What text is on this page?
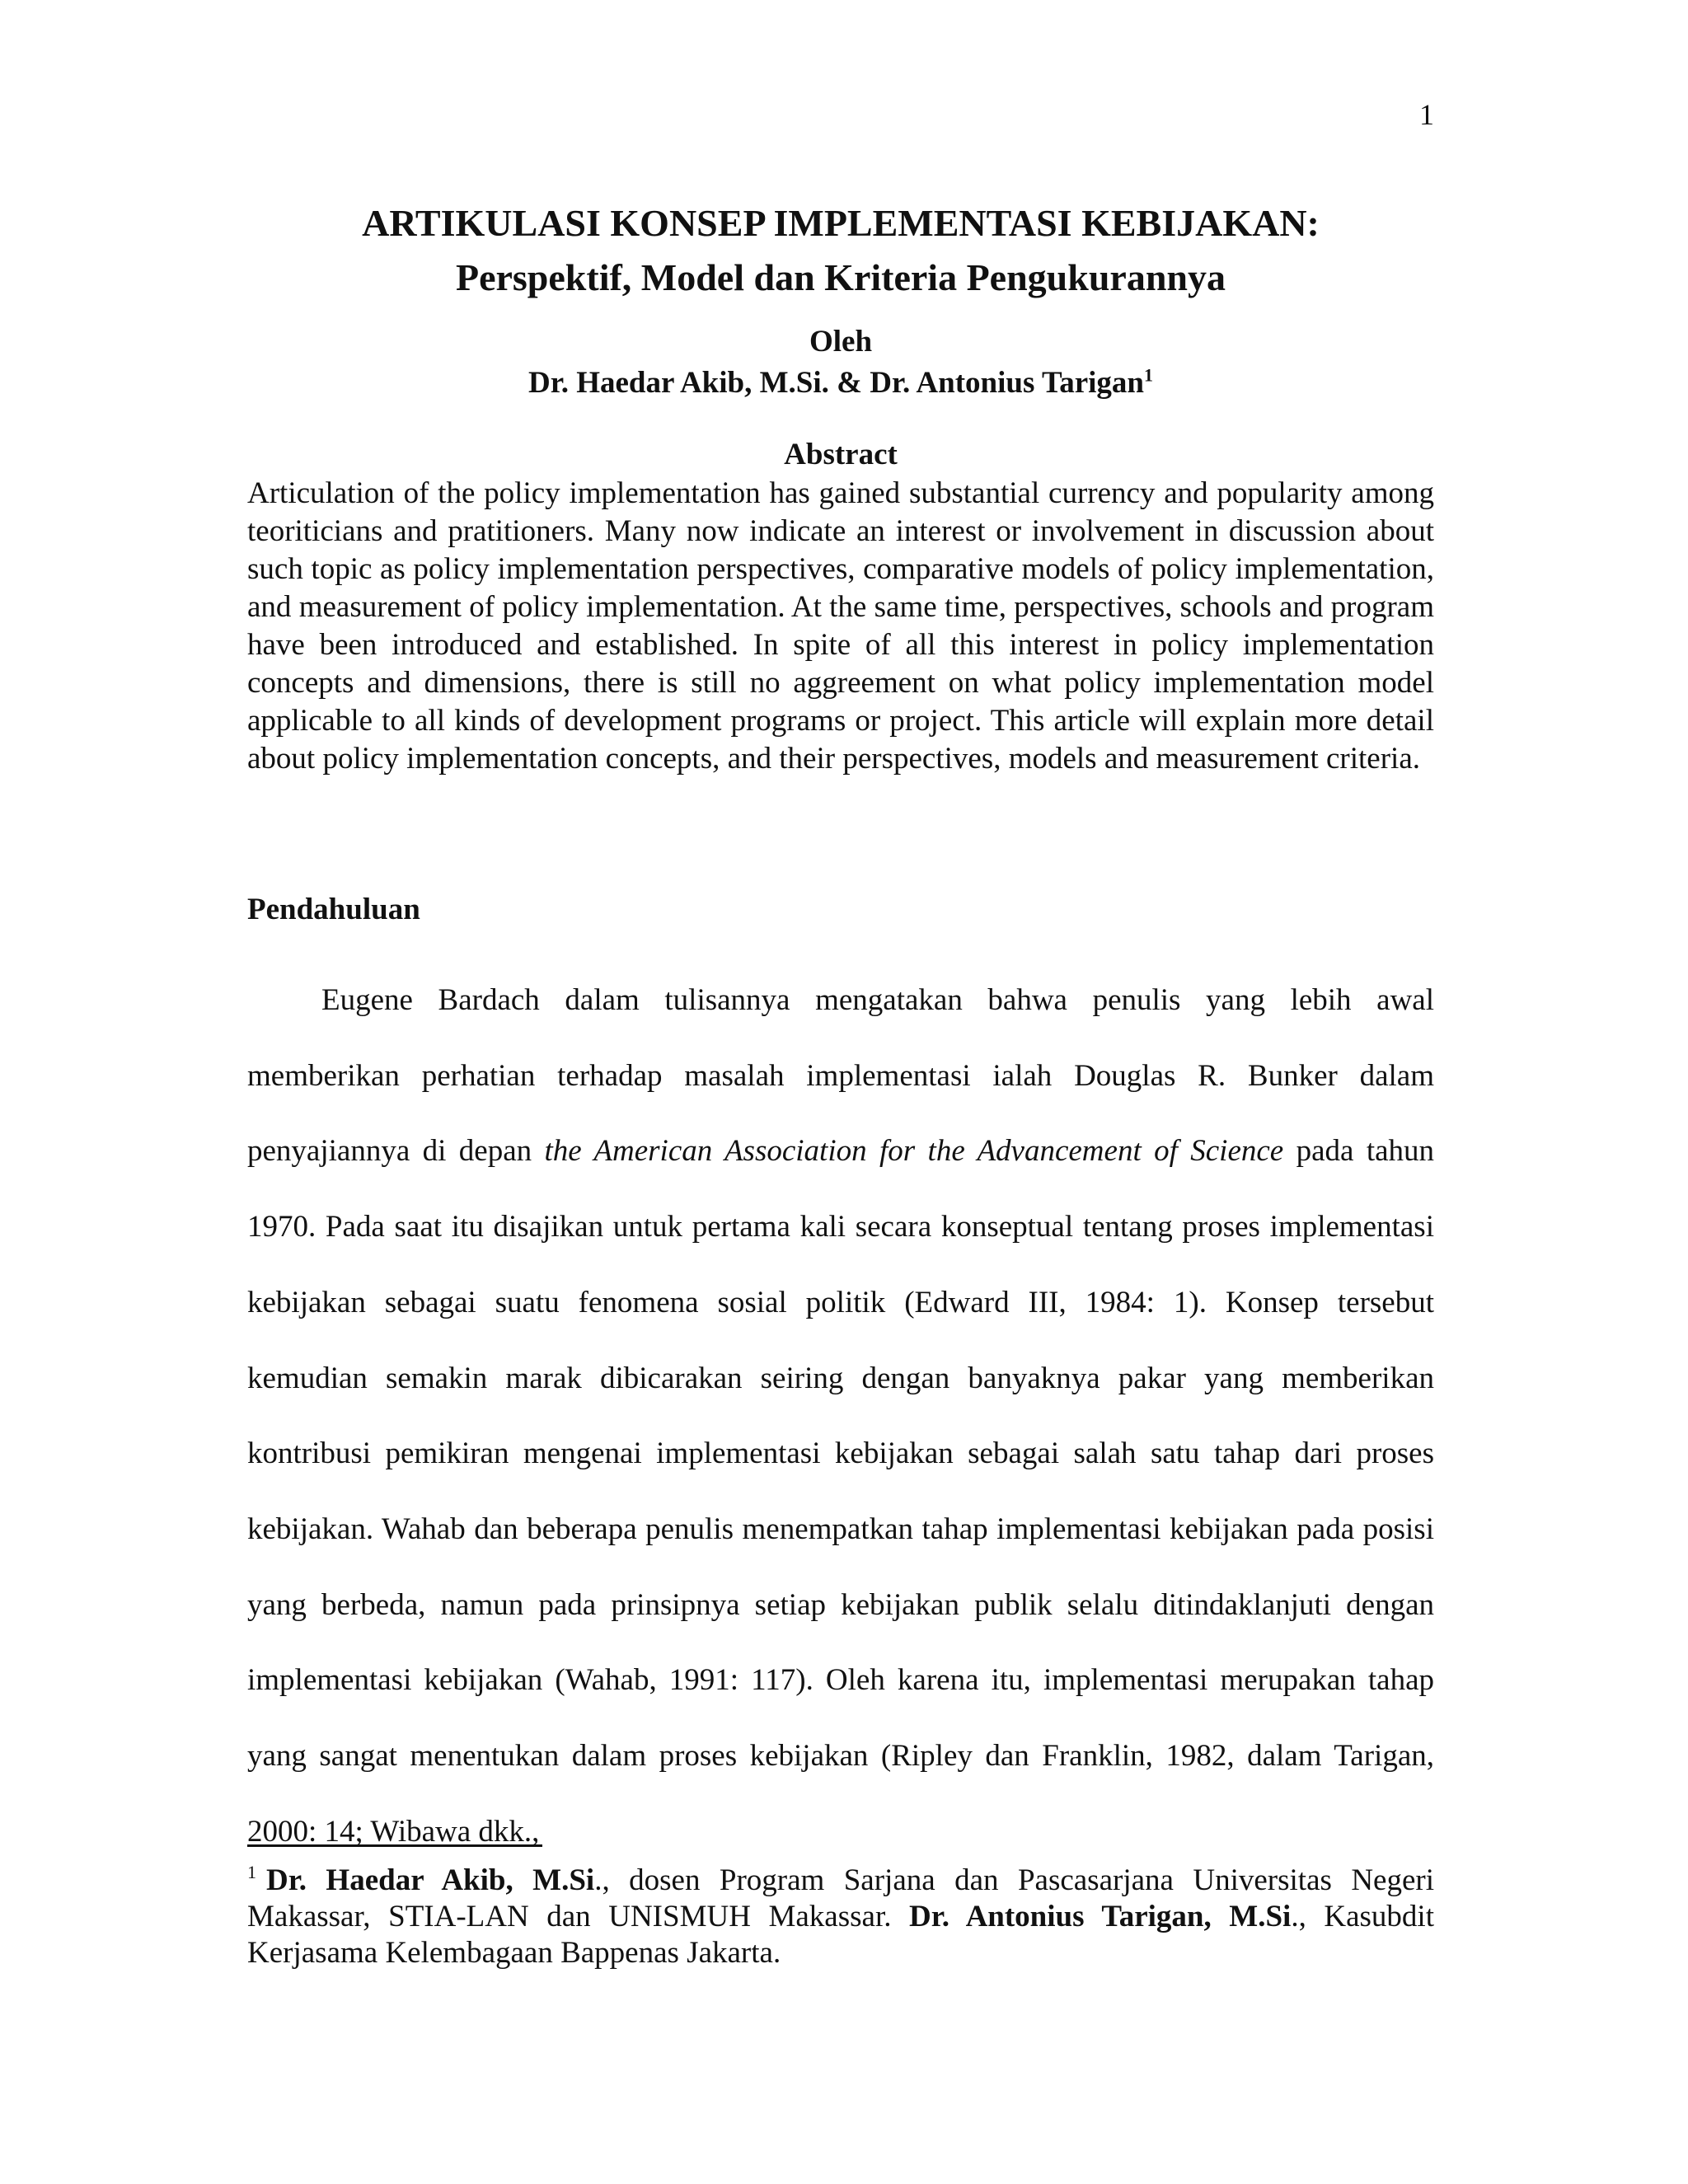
1
ARTIKULASI KONSEP IMPLEMENTASI KEBIJAKAN:
Perspektif, Model dan Kriteria Pengukurannya
Oleh
Dr. Haedar Akib, M.Si. & Dr. Antonius Tarigan$^1$
Abstract
Articulation of the policy implementation has gained substantial currency and popularity among teoriticians and pratitioners. Many now indicate an interest or involvement in discussion about such topic as policy implementation perspectives, comparative models of policy implementation, and measurement of policy implementation. At the same time, perspectives, schools and program have been introduced and established. In spite of all this interest in policy implementation concepts and dimensions, there is still no aggreement on what policy implementation model applicable to all kinds of development programs or project. This article will explain more detail about policy implementation concepts, and their perspectives, models and measurement criteria.
Pendahuluan

Eugene Bardach dalam tulisannya mengatakan bahwa penulis yang lebih awal memberikan perhatian terhadap masalah implementasi ialah Douglas R. Bunker dalam penyajiannya di depan the American Association for the Advancement of Science pada tahun 1970. Pada saat itu disajikan untuk pertama kali secara konseptual tentang proses implementasi kebijakan sebagai suatu fenomena sosial politik (Edward III, 1984: 1). Konsep tersebut kemudian semakin marak dibicarakan seiring dengan banyaknya pakar yang memberikan kontribusi pemikiran mengenai implementasi kebijakan sebagai salah satu tahap dari proses kebijakan. Wahab dan beberapa penulis menempatkan tahap implementasi kebijakan pada posisi yang berbeda, namun pada prinsipnya setiap kebijakan publik selalu ditindaklanjuti dengan implementasi kebijakan (Wahab, 1991: 117). Oleh karena itu, implementasi merupakan tahap yang sangat menentukan dalam proses kebijakan (Ripley dan Franklin, 1982, dalam Tarigan, 2000: 14; Wibawa dkk.,

$^1$ Dr. Haedar Akib, M.Si., dosen Program Sarjana dan Pascasarjana Universitas Negeri Makassar, STIA-LAN dan UNISMUH Makassar. Dr. Antonius Tarigan, M.Si., Kasubdit Kerjasama Kelembagaan Bappenas Jakarta.
